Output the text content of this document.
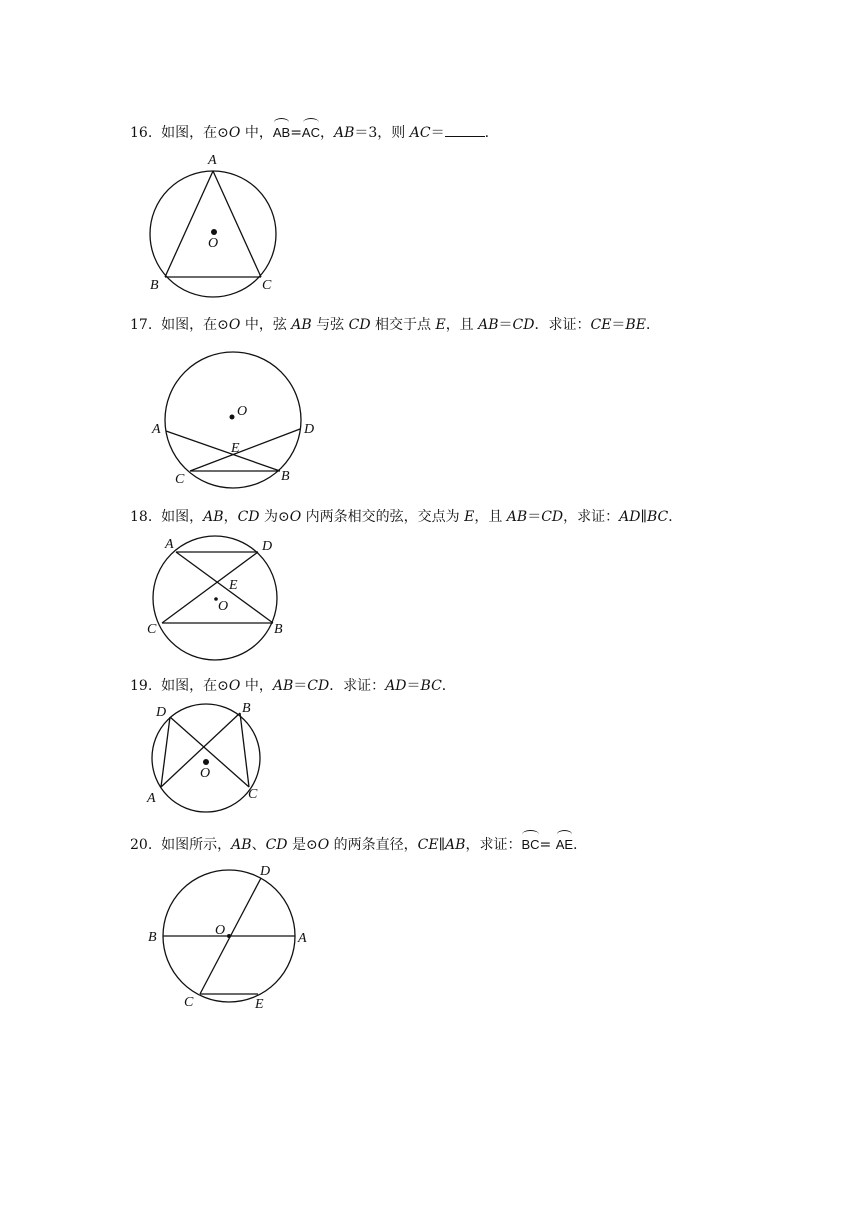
16. 如图，在⊙O 中，AB=AC，AB＝3，则 AC＝	.
A
O
B	C
17. 如图，在⊙O 中，弦 AB 与弦 CD 相交于点 E，且 AB＝CD．求证：CE＝BE．
O
A	D
E
C	B
18. 如图，AB，CD 为⊙O 内两条相交的弦，交点为 E，且 AB＝CD，求证：AD∥BC．
A	D
E
O
C	B
19. 如图，在⊙O 中，AB＝CD．求证：AD＝BC．
D	B
O
A	C
20. 如图所示，AB、CD 是⊙O 的两条直径，CE∥AB，求证：BC= AE.
D
B	O
A
C	E
